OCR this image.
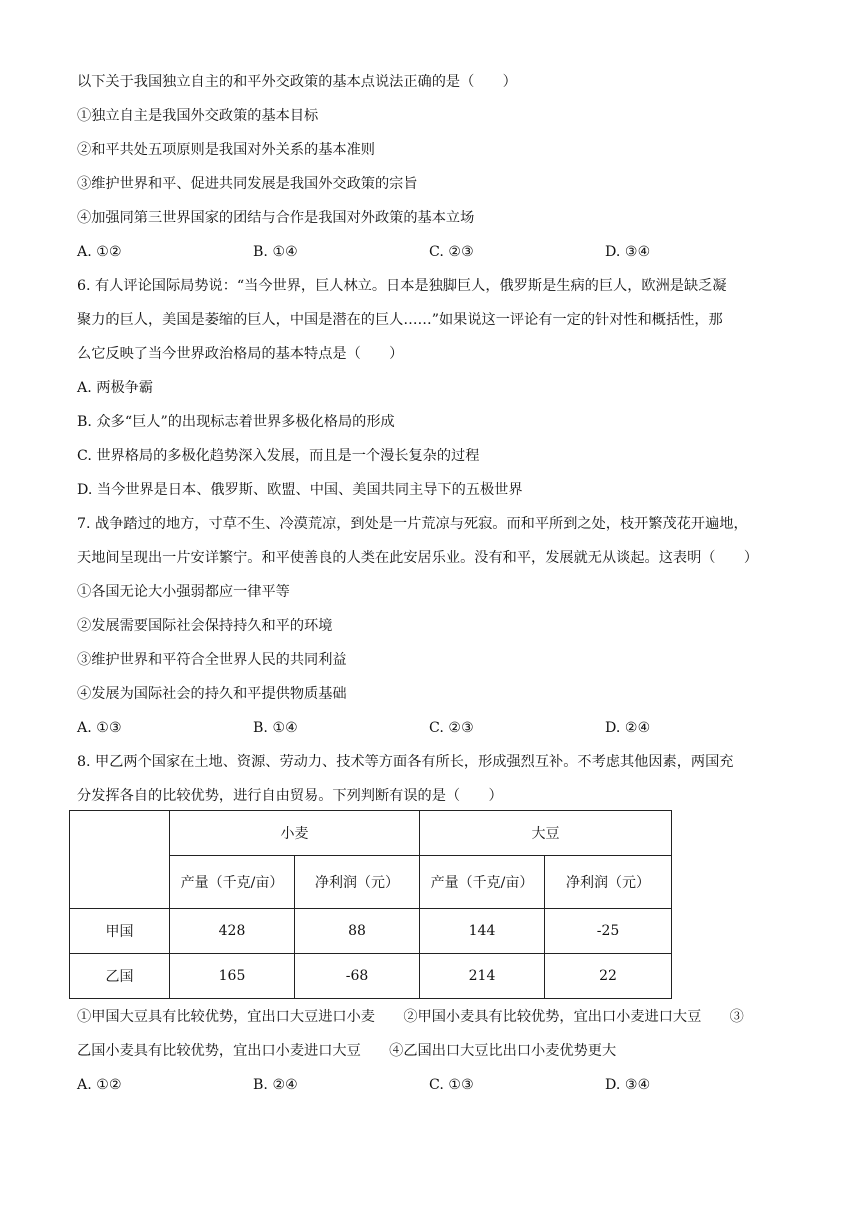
以下关于我国独立自主的和平外交政策的基本点说法正确的是（　　）
①独立自主是我国外交政策的基本目标
②和平共处五项原则是我国对外关系的基本准则
③维护世界和平、促进共同发展是我国外交政策的宗旨
④加强同第三世界国家的团结与合作是我国对外政策的基本立场
A. ①②	B. ①④	C. ②③	D. ③④
6. 有人评论国际局势说：“当今世界，巨人林立。日本是独脚巨人，俄罗斯是生病的巨人，欧洲是缺乏凝
聚力的巨人，美国是萎缩的巨人，中国是潜在的巨人……”如果说这一评论有一定的针对性和概括性，那
么它反映了当今世界政治格局的基本特点是（　　）
A. 两极争霸
B. 众多“巨人”的出现标志着世界多极化格局的形成
C. 世界格局的多极化趋势深入发展，而且是一个漫长复杂的过程
D. 当今世界是日本、俄罗斯、欧盟、中国、美国共同主导下的五极世界
7. 战争踏过的地方，寸草不生、冷漠荒凉，到处是一片荒凉与死寂。而和平所到之处，枝开繁茂花开遍地，
天地间呈现出一片安详繁宁。和平使善良的人类在此安居乐业。没有和平，发展就无从谈起。这表明（　　）
①各国无论大小强弱都应一律平等
②发展需要国际社会保持持久和平的环境
③维护世界和平符合全世界人民的共同利益
④发展为国际社会的持久和平提供物质基础
A. ①③	B. ①④	C. ②③	D. ②④
8. 甲乙两个国家在土地、资源、劳动力、技术等方面各有所长，形成强烈互补。不考虑其他因素，两国充
分发挥各自的比较优势，进行自由贸易。下列判断有误的是（　　）
	小麦		大豆	
	产量（千克/亩）	净利润（元）	产量（千克/亩）	净利润（元）
甲国	428	88	144	-25
乙国	165	-68	214	22
①甲国大豆具有比较优势，宜出口大豆进口小麦　　②甲国小麦具有比较优势，宜出口小麦进口大豆　　③
乙国小麦具有比较优势，宜出口小麦进口大豆　　④乙国出口大豆比出口小麦优势更大
A. ①②	B. ②④	C. ①③	D. ③④
